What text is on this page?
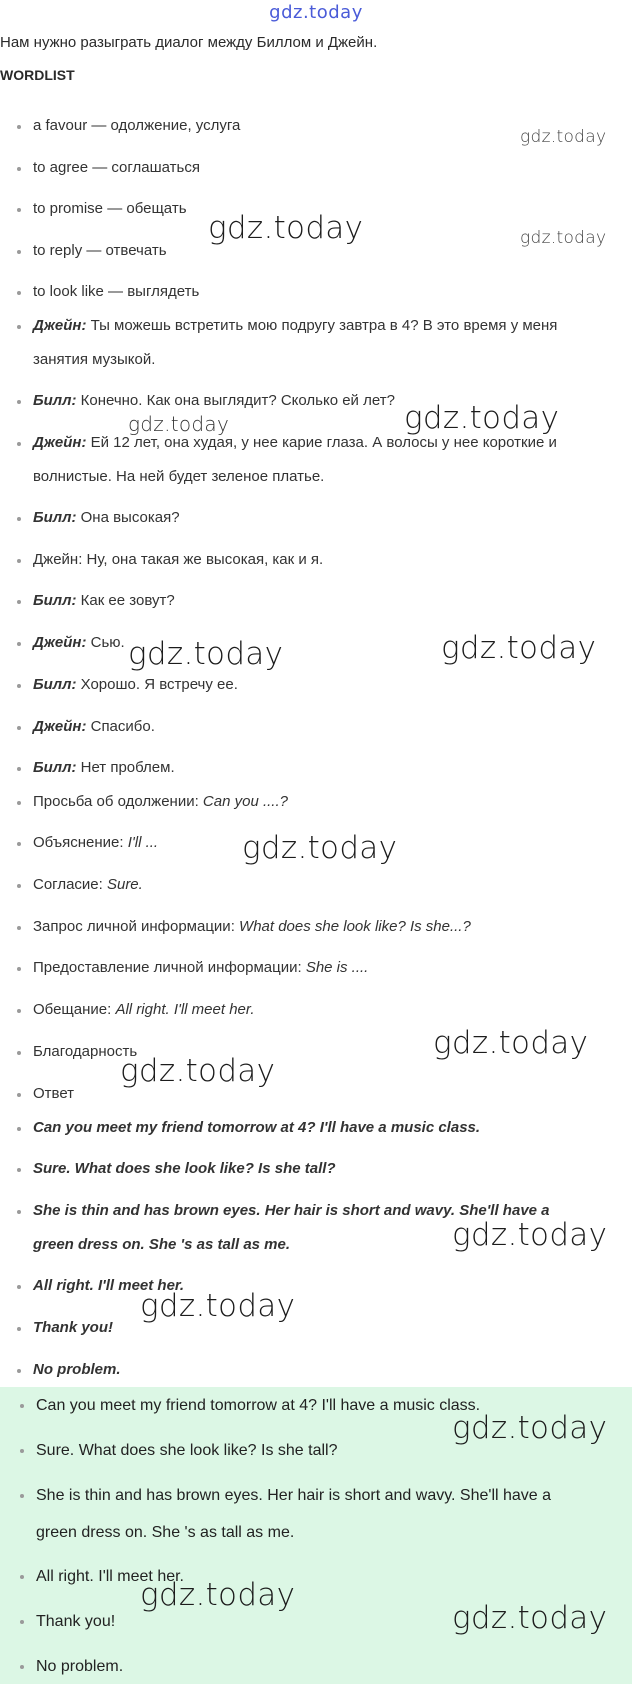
gdz.today
Нам нужно разыграть диалог между Биллом и Джейн.
WORDLIST
a favour — одолжение, услуга
to agree — соглашаться
to promise — обещать
to reply — отвечать
to look like — выглядеть
Джейн: Ты можешь встретить мою подругу завтра в 4? В это время у меня
занятия музыкой.
Билл: Конечно. Как она выглядит? Сколько ей лет?
Джейн: Ей 12 лет, она худая, у нее карие глаза. А волосы у нее короткие и
волнистые. На ней будет зеленое платье.
Билл: Она высокая?
Джейн: Ну, она такая же высокая, как и я.
Билл: Как ее зовут?
Джейн: Сью.
Билл: Хорошо. Я встречу ее.
Джейн: Спасибо.
Билл: Нет проблем.
Просьба об одолжении: Can you ....?
Объяснение: I'll ...
Согласие: Sure.
Запрос личной информации: What does she look like? Is she...?
Предоставление личной информации: She is ....
Обещание: All right. I'll meet her.
Благодарность
Ответ
Can you meet my friend tomorrow at 4? I'll have a music class.
Sure. What does she look like? Is she tall?
She is thin and has brown eyes. Her hair is short and wavy. She'll have a
green dress on. She 's as tall as me.
All right. I'll meet her.
Thank you!
No problem.
Can you meet my friend tomorrow at 4? I'll have a music class.
Sure. What does she look like? Is she tall?
She is thin and has brown eyes. Her hair is short and wavy. She'll have a
green dress on. She 's as tall as me.
All right. I'll meet her.
Thank you!
No problem.
gdz.today
gdz.today	gdz.today
gdz.today	gdz.today
gdz.today	gdz.today
gdz.today
gdz.today
gdz.today
gdz.today
gdz.today
gdz.today
gdz.today
gdz.today
